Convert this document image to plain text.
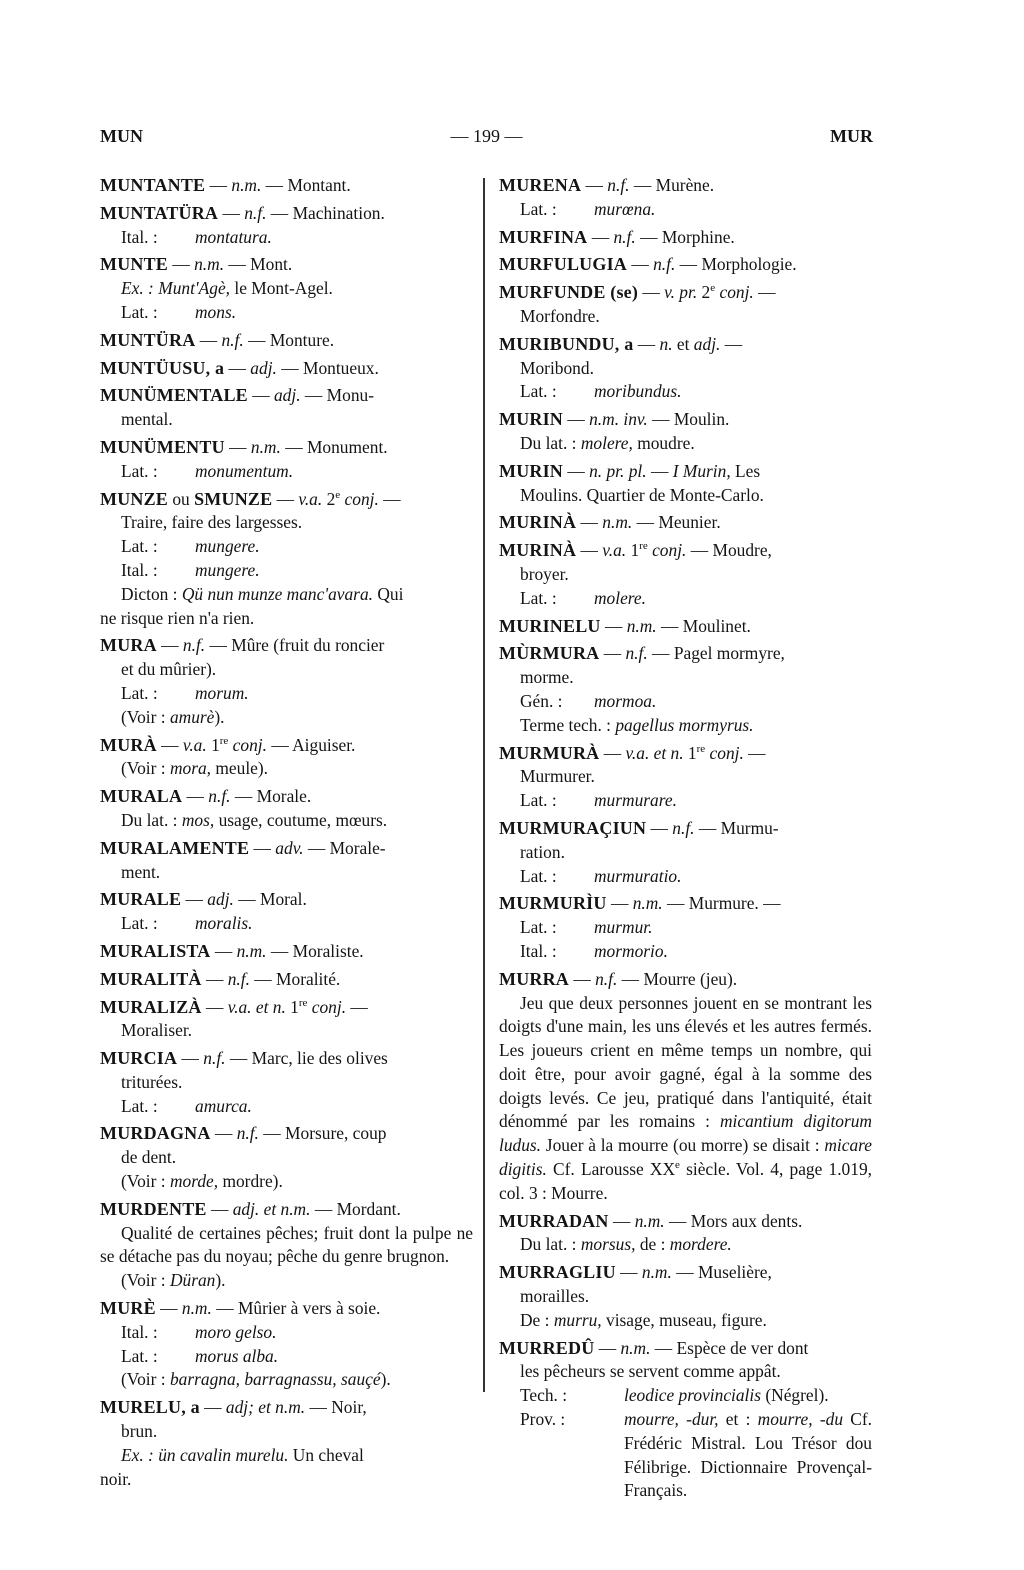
MUN	— 199 —	MUR
MUNTANTE — n.m. — Montant.
MUNTATÜRA — n.f. — Machination.
Ital. : montatura.
MUNTE — n.m. — Mont.
Ex. : Munt'Agè, le Mont-Agel.
Lat. : mons.
MUNTÜRA — n.f. — Monture.
MUNTÜUSU, a — adj. — Montueux.
MUNÜMENTALE — adj. — Monu-
mental.
MUNÜMENTU — n.m. — Monument.
Lat. : monumentum.
MUNZE ou SMUNZE — v.a. 2e conj. —
Traire, faire des largesses.
Lat. : mungere.
Ital. : mungere.
Dicton : Qü nun munze manc'avara. Qui
ne risque rien n'a rien.
MURA — n.f. — Mûre (fruit du roncier
et du mûrier).
Lat. : morum.
(Voir : amurè).
MURÀ — v.a. 1re conj. — Aiguiser.
(Voir : mora, meule).
MURALA — n.f. — Morale.
Du lat. : mos, usage, coutume, mœurs.
MURALAMENTE — adv. — Morale-
ment.
MURALE — adj. — Moral.
Lat. : moralis.
MURALISTA — n.m. — Moraliste.
MURALITÀ — n.f. — Moralité.
MURALIZÀ — v.a. et n. 1re conj. —
Moraliser.
MURCIA — n.f. — Marc, lie des olives
triturées.
Lat. : amurca.
MURDAGNA — n.f. — Morsure, coup
de dent.
(Voir : morde, mordre).
MURDENTE — adj. et n.m. — Mordant.
Qualité de certaines pêches; fruit dont la pulpe ne se détache pas du noyau; pêche du genre brugnon.
(Voir : Düran).
MURÈ — n.m. — Mûrier à vers à soie.
Ital. : moro gelso.
Lat. : morus alba.
(Voir : barragna, barragnassu, sauçé).
MURELU, a — adj; et n.m. — Noir,
brun.
Ex. : ün cavalin murelu. Un cheval
noir.
MURENA — n.f. — Murène.
Lat. : murœna.
MURFINA — n.f. — Morphine.
MURFULUGIA — n.f. — Morphologie.
MURFUNDE (se) — v. pr. 2e conj. —
Morfondre.
MURIBUNDU, a — n. et adj. —
Moribond.
Lat. : moribundus.
MURIN — n.m. inv. — Moulin.
Du lat. : molere, moudre.
MURIN — n. pr. pl. — I Murin, Les
Moulins. Quartier de Monte-Carlo.
MURINÀ — n.m. — Meunier.
MURINÀ — v.a. 1re conj. — Moudre,
broyer.
Lat. : molere.
MURINELU — n.m. — Moulinet.
MÙRMURA — n.f. — Pagel mormyre,
morme.
Gén. : mormoa.
Terme tech. : pagellus mormyrus.
MURMURÀ — v.a. et n. 1re conj. —
Murmurer.
Lat. : murmurare.
MURMURAÇIUN — n.f. — Murmu-
ration.
Lat. : murmuratio.
MURMURÌU — n.m. — Murmure. —
Lat. : murmur.
Ital. : mormorio.
MURRA — n.f. — Mourre (jeu).
Jeu que deux personnes jouent en se montrant les doigts d'une main, les uns élevés et les autres fermés. Les joueurs crient en même temps un nombre, qui doit être, pour avoir gagné, égal à la somme des doigts levés. Ce jeu, pratiqué dans l'antiquité, était dénommé par les romains : micantium digitorum ludus. Jouer à la mourre (ou morre) se disait : micare digitis. Cf. Larousse XXe siècle. Vol. 4, page 1.019, col. 3 : Mourre.
MURRADAN — n.m. — Mors aux dents.
Du lat. : morsus, de : mordere.
MURRAGLIU — n.m. — Muselière,
morailles.
De : murru, visage, museau, figure.
MURREDÛ — n.m. — Espèce de ver dont
les pêcheurs se servent comme appât.
Tech. :	leodice provincialis (Négrel).
Prov. :	mourre, -dur, et : mourre, -du Cf. Frédéric Mistral. Lou Trésor dou Félibrige. Dictionnaire Provençal-Français.
